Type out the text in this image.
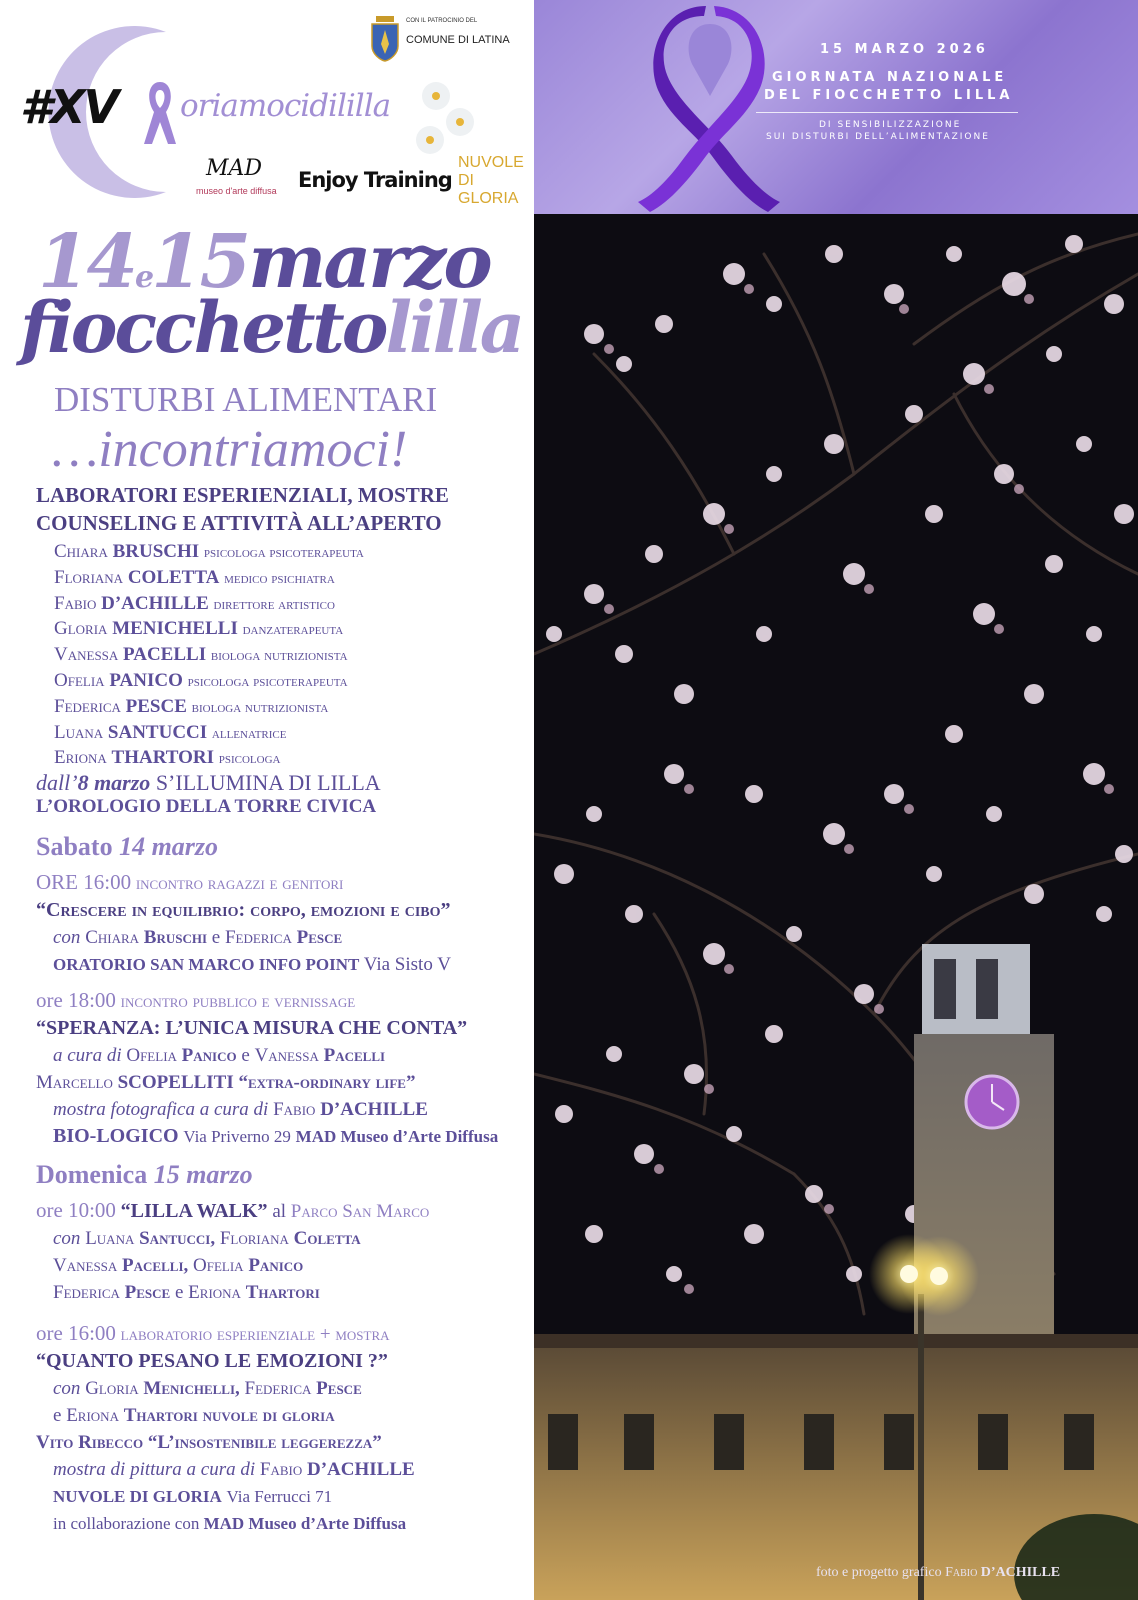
#XV oriamocidililla
CON IL PATROCINIO DEL
COMUNE DI LATINA
MAD
museo d'arte diffusa Enjoy Training
NUVOLE DI GLORIA
14e15marzo
fiocchettolilla
DISTURBI ALIMENTARI
…incontriamoci!
LABORATORI ESPERIENZIALI, MOSTRE
COUNSELING E ATTIVITÀ ALL’APERTO
Chiara BRUSCHI psicologa psicoterapeuta
Floriana COLETTA medico psichiatra
Fabio D’ACHILLE direttore artistico
Gloria MENICHELLI danzaterapeuta
Vanessa PACELLI biologa nutrizionista
Ofelia PANICO psicologa psicoterapeuta
Federica PESCE biologa nutrizionista
Luana SANTUCCI allenatrice
Eriona THARTORI psicologa
dall’8 marzo S’ILLUMINA DI LILLA
L’OROLOGIO DELLA TORRE CIVICA
Sabato 14 marzo
ORE 16:00 incontro ragazzi e genitori
“Crescere in equilibrio: corpo, emozioni e cibo”
con Chiara Bruschi e Federica Pesce
ORATORIO SAN MARCO INFO POINT Via Sisto V
ore 18:00 incontro pubblico e vernissage
“SPERANZA: L’UNICA MISURA CHE CONTA”
a cura di Ofelia Panico e Vanessa Pacelli
Marcello SCOPELLITI “extra-ordinary life”
mostra fotografica a cura di Fabio D’ACHILLE
BIO-LOGICO Via Priverno 29 MAD Museo d’Arte Diffusa
Domenica 15 marzo
ore 10:00 “LILLA WALK” al Parco San Marco
con Luana Santucci, Floriana Coletta
Vanessa Pacelli, Ofelia Panico
Federica Pesce e Eriona Thartori
ore 16:00 laboratorio esperienziale + mostra
“QUANTO PESANO LE EMOZIONI ?”
con Gloria Menichelli, Federica Pesce
e Eriona Thartori nuvole di gloria
Vito Ribecco “L’insostenibile leggerezza”
mostra di pittura a cura di Fabio D’ACHILLE
NUVOLE DI GLORIA Via Ferrucci 71
in collaborazione con MAD Museo d’Arte Diffusa
15 MARZO 2026
GIORNATA NAZIONALE
DEL FIOCCHETTO LILLA
DI SENSIBILIZZAZIONE
SUI DISTURBI DELL’ALIMENTAZIONE
foto e progetto grafico Fabio D’ACHILLE
